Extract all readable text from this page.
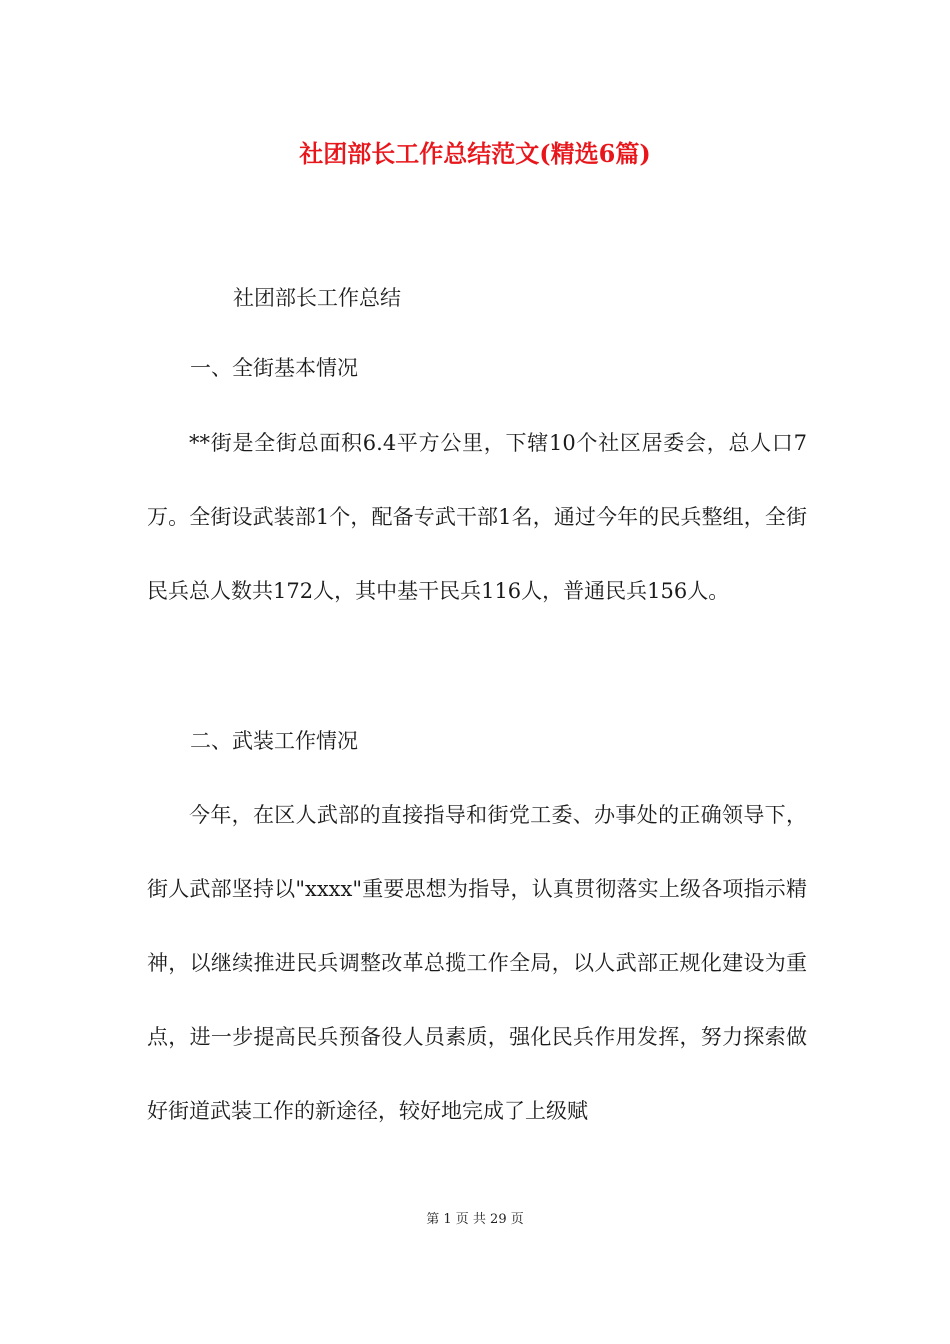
社团部长工作总结范文(精选6篇)
社团部长工作总结
一、全街基本情况
**街是全街总面积6.4平方公里，下辖10个社区居委会，总人口7万。全街设武装部1个，配备专武干部1名，通过今年的民兵整组，全街民兵总人数共172人，其中基干民兵116人，普通民兵156人。
二、武装工作情况
今年，在区人武部的直接指导和街党工委、办事处的正确领导下，街人武部坚持以"xxxx"重要思想为指导，认真贯彻落实上级各项指示精神，以继续推进民兵调整改革总揽工作全局，以人武部正规化建设为重点，进一步提高民兵预备役人员素质，强化民兵作用发挥，努力探索做好街道武装工作的新途径，较好地完成了上级赋
第 1 页 共 29 页
